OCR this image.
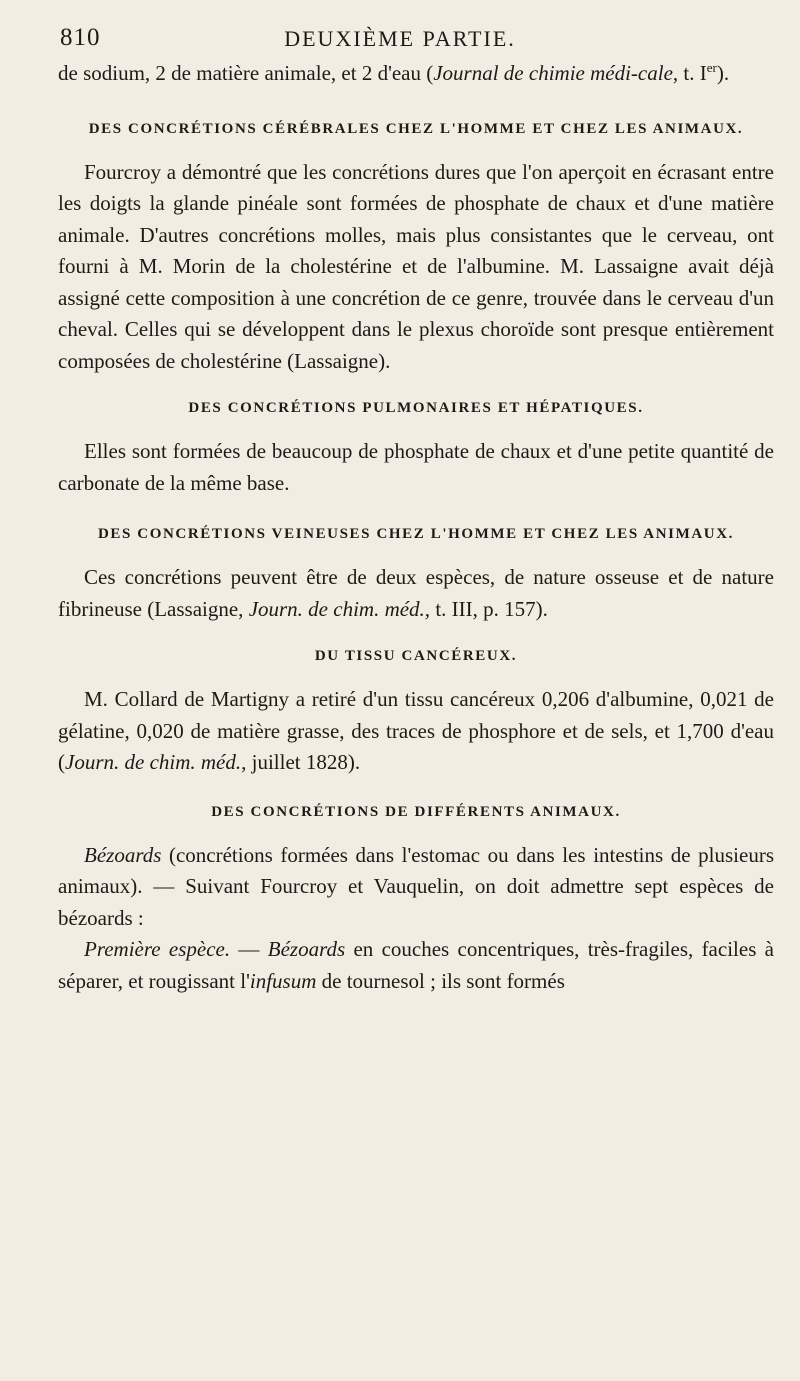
810	DEUXIÈME PARTIE.

de sodium, 2 de matière animale, et 2 d'eau (Journal de chimie médi-cale, t. Ier).

DES CONCRÉTIONS CÉRÉBRALES CHEZ L'HOMME ET CHEZ LES ANIMAUX.

Fourcroy a démontré que les concrétions dures que l'on aperçoit en écrasant entre les doigts la glande pinéale sont formées de phosphate de chaux et d'une matière animale. D'autres concrétions molles, mais plus consistantes que le cerveau, ont fourni à M. Morin de la cholestérine et de l'albumine. M. Lassaigne avait déjà assigné cette composition à une concrétion de ce genre, trouvée dans le cerveau d'un cheval. Celles qui se développent dans le plexus choroïde sont presque entièrement composées de cholestérine (Lassaigne).

DES CONCRÉTIONS PULMONAIRES ET HÉPATIQUES.

Elles sont formées de beaucoup de phosphate de chaux et d'une petite quantité de carbonate de la même base.

DES CONCRÉTIONS VEINEUSES CHEZ L'HOMME ET CHEZ LES ANIMAUX.

Ces concrétions peuvent être de deux espèces, de nature osseuse et de nature fibrineuse (Lassaigne, Journ. de chim. méd., t. III, p. 157).

DU TISSU CANCÉREUX.

M. Collard de Martigny a retiré d'un tissu cancéreux 0,206 d'albumine, 0,021 de gélatine, 0,020 de matière grasse, des traces de phosphore et de sels, et 1,700 d'eau (Journ. de chim. méd., juillet 1828).

DES CONCRÉTIONS DE DIFFÉRENTS ANIMAUX.

Bézoards (concrétions formées dans l'estomac ou dans les intestins de plusieurs animaux). — Suivant Fourcroy et Vauquelin, on doit admettre sept espèces de bézoards :

Première espèce. — Bézoards en couches concentriques, très-fragiles, faciles à séparer, et rougissant l'infusum de tournesol ; ils sont formés
